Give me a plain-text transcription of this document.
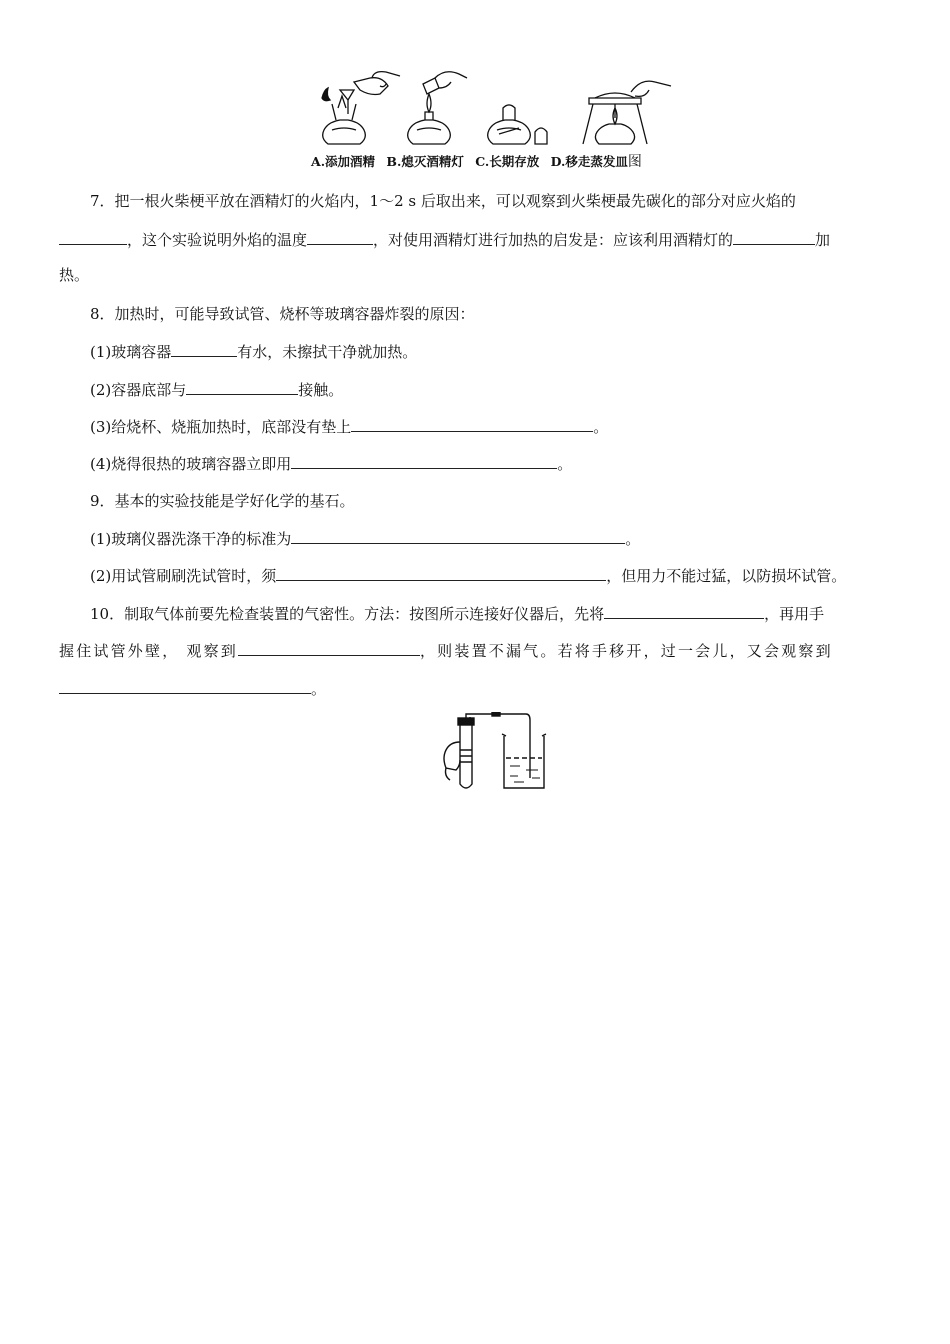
A.添加酒精 B.熄灭酒精灯 C.长期存放 D.移走蒸发皿图
7．把一根火柴梗平放在酒精灯的火焰内，1～2 s 后取出来，可以观察到火柴梗最先碳化的部分对应火焰的
，这个实验说明外焰的温度	，对使用酒精灯进行加热的启发是：应该利用酒精灯的	加
热。
8．加热时，可能导致试管、烧杯等玻璃容器炸裂的原因：
(1)玻璃容器	有水，未擦拭干净就加热。
(2)容器底部与	接触。
(3)给烧杯、烧瓶加热时，底部没有垫上	。
(4)烧得很热的玻璃容器立即用	。
9．基本的实验技能是学好化学的基石。
(1)玻璃仪器洗涤干净的标准为	。
(2)用试管刷刷洗试管时，须	，但用力不能过猛，以防损坏试管。
10．制取气体前要先检查装置的气密性。方法：按图所示连接好仪器后，先将	，再用手
握住试管外壁， 观察到	，则装置不漏气。若将手移开，过一会儿，又会观察到
。
